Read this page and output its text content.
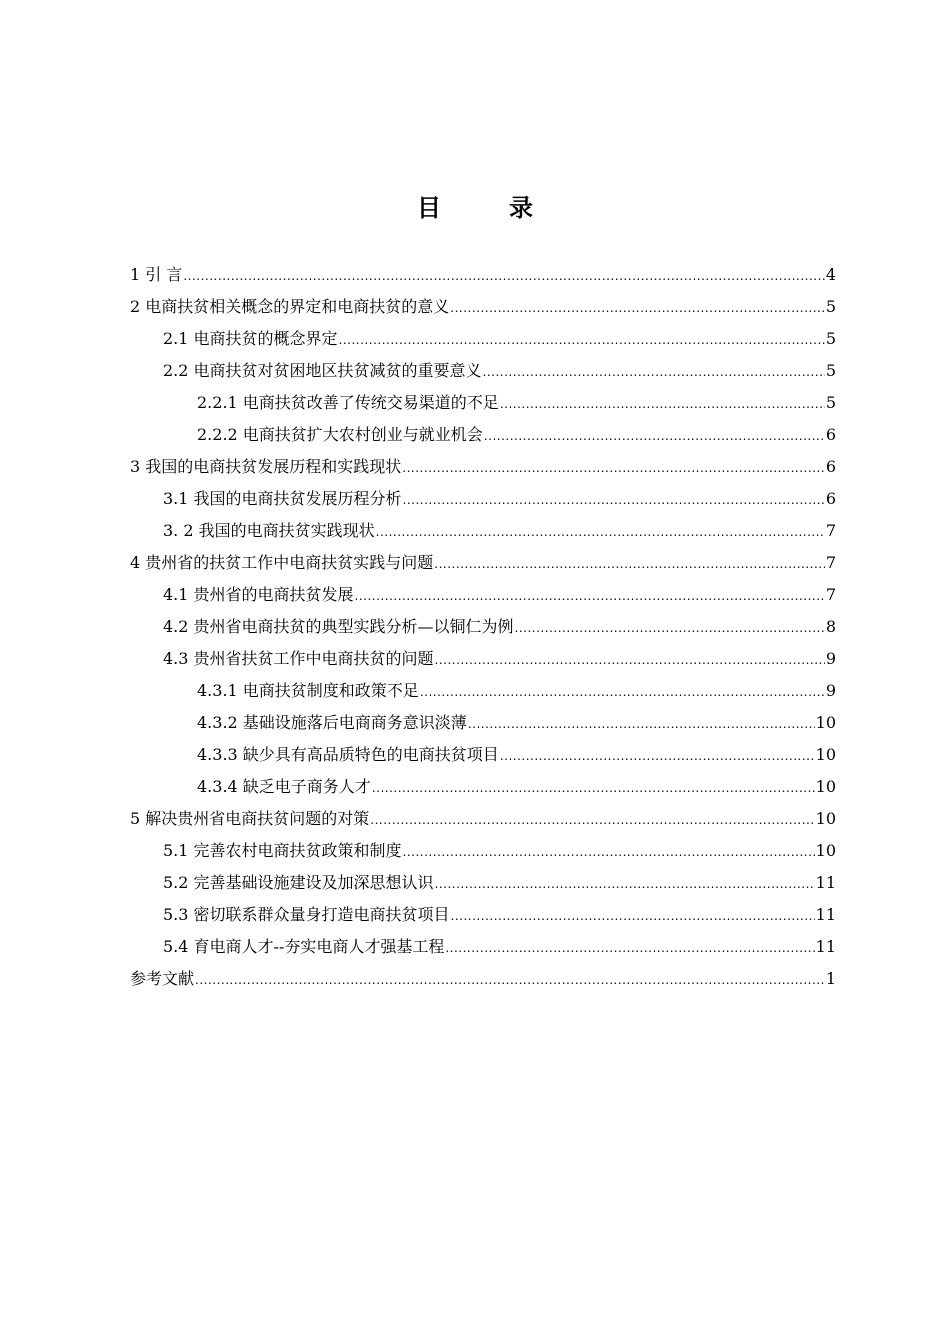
目　录
1 引 言 .....	4
2 电商扶贫相关概念的界定和电商扶贫的意义 .....	5
2.1 电商扶贫的概念界定 .....	5
2.2 电商扶贫对贫困地区扶贫减贫的重要意义 .....	5
2.2.1 电商扶贫改善了传统交易渠道的不足 .....	5
2.2.2 电商扶贫扩大农村创业与就业机会 .....	6
3 我国的电商扶贫发展历程和实践现状 .....	6
3.1 我国的电商扶贫发展历程分析 .....	6
3. 2 我国的电商扶贫实践现状 .....	7
4 贵州省的扶贫工作中电商扶贫实践与问题 .....	7
4.1 贵州省的电商扶贫发展 .....	7
4.2 贵州省电商扶贫的典型实践分析—以铜仁为例 .....	8
4.3 贵州省扶贫工作中电商扶贫的问题 .....	9
4.3.1 电商扶贫制度和政策不足 .....	9
4.3.2 基础设施落后电商商务意识淡薄 .....	10
4.3.3 缺少具有高品质特色的电商扶贫项目 .....	10
4.3.4 缺乏电子商务人才 .....	10
5 解决贵州省电商扶贫问题的对策 .....	10
5.1 完善农村电商扶贫政策和制度 .....	10
5.2 完善基础设施建设及加深思想认识 .....	11
5.3 密切联系群众量身打造电商扶贫项目 .....	11
5.4 育电商人才--夯实电商人才强基工程 .....	11
参考文献 .....	1
